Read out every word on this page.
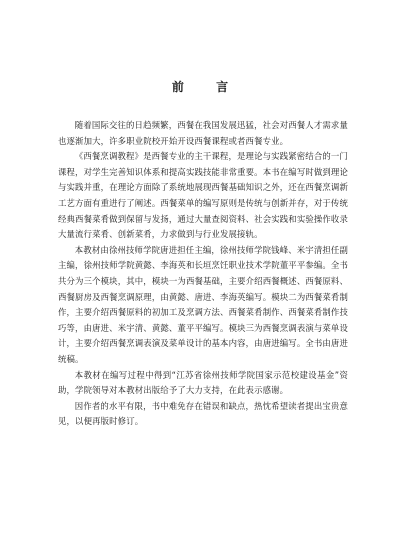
前 言

随着国际交往的日趋频繁，西餐在我国发展迅猛，社会对西餐人才需求量也逐渐加大，许多职业院校开始开设西餐课程或者西餐专业。

《西餐烹调教程》是西餐专业的主干课程，是理论与实践紧密结合的一门课程，对学生完善知识体系和提高实践技能非常重要。本书在编写时做到理论与实践并重，在理论方面除了系统地展现西餐基础知识之外，还在西餐烹调新工艺方面有重进行了阐述。西餐菜单的编写原则是传统与创新并存，对于传统经典西餐菜肴做到保留与发扬，通过大量查阅资料、社会实践和实验操作收录大量流行菜肴、创新菜肴，力求做到与行业发展接轨。

本教材由徐州技师学院唐进担任主编，徐州技师学院钱峰、米宇清担任副主编，徐州技师学院黄懿、李海英和长垣烹饪职业技术学院董平平参编。全书共分为三个模块，其中，模块一为西餐基础，主要介绍西餐概述、西餐原料、西餐厨房及西餐烹调原理，由黄懿、唐进、李海英编写。模块二为西餐菜肴制作，主要介绍西餐原料的初加工及烹调方法、西餐菜肴制作、西餐菜肴制作技巧等，由唐进、米宇清、黄懿、董平平编写。模块三为西餐烹调表演与菜单设计，主要介绍西餐烹调表演及菜单设计的基本内容，由唐进编写。全书由唐进统稿。

本教材在编写过程中得到“江苏省徐州技师学院国家示范校建设基金”资助，学院领导对本教材出版给予了大力支持，在此表示感谢。

因作者的水平有限，书中难免存在错误和缺点，热忱希望读者提出宝贵意见，以便再版时修订。
